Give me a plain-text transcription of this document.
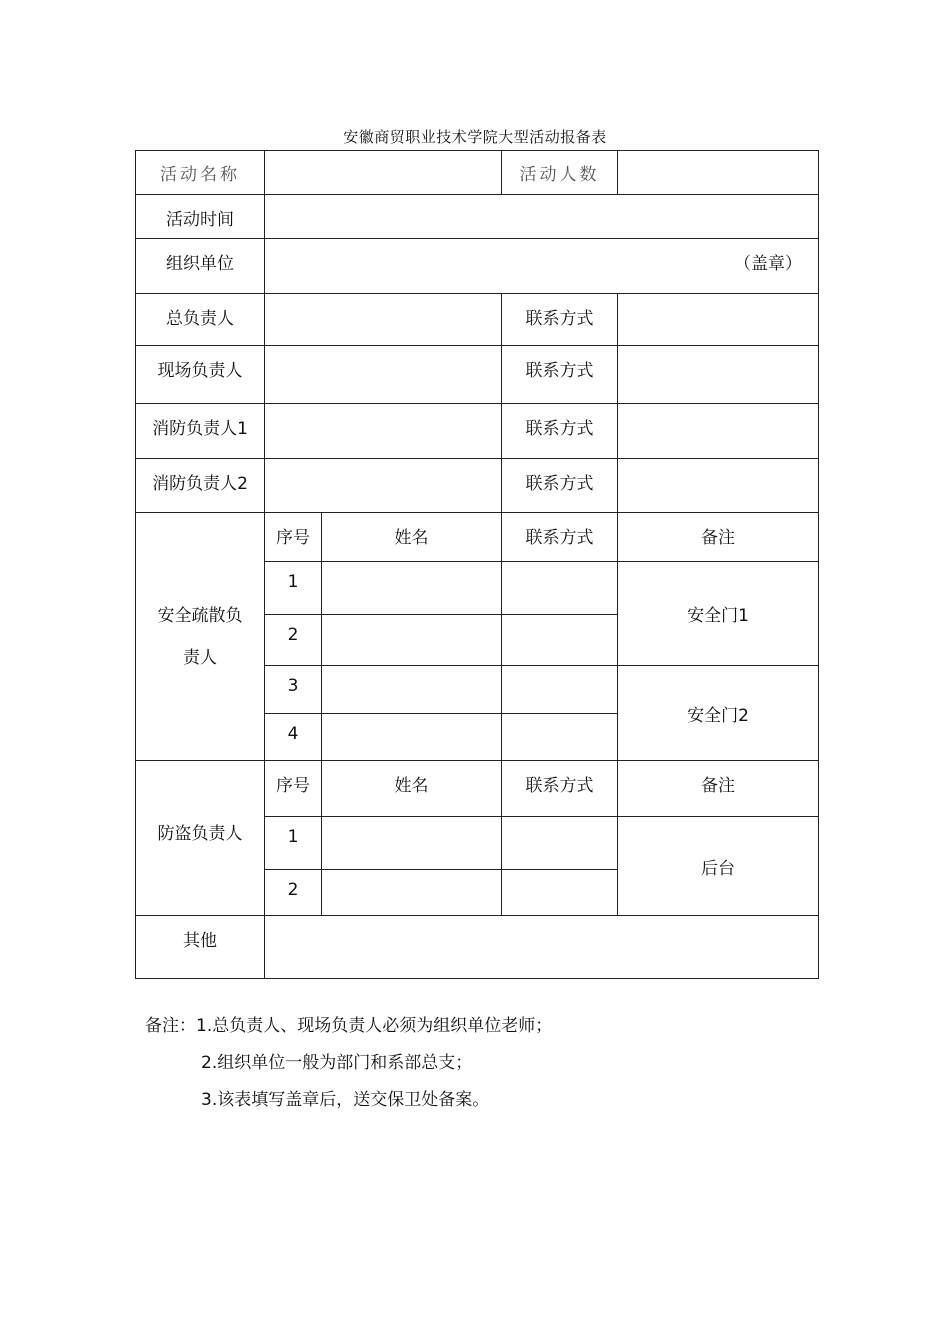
安徽商贸职业技术学院大型活动报备表
活动名称			活动人数	
活动时间				
组织单位	（盖章）			

总负责人			联系方式	
现场负责人			联系方式	
消防负责人1			联系方式	
消防负责人2			联系方式	

安全疏散负
责人	序号	姓名	联系方式	备注
	1			安全门1
	2			
	3			安全门2
	4			
防盗负责人	序号	姓名	联系方式	备注
	1			后台
	2			
其他				
备注：1.总负责人、现场负责人必须为组织单位老师；
2.组织单位一般为部门和系部总支；
3.该表填写盖章后，送交保卫处备案。
